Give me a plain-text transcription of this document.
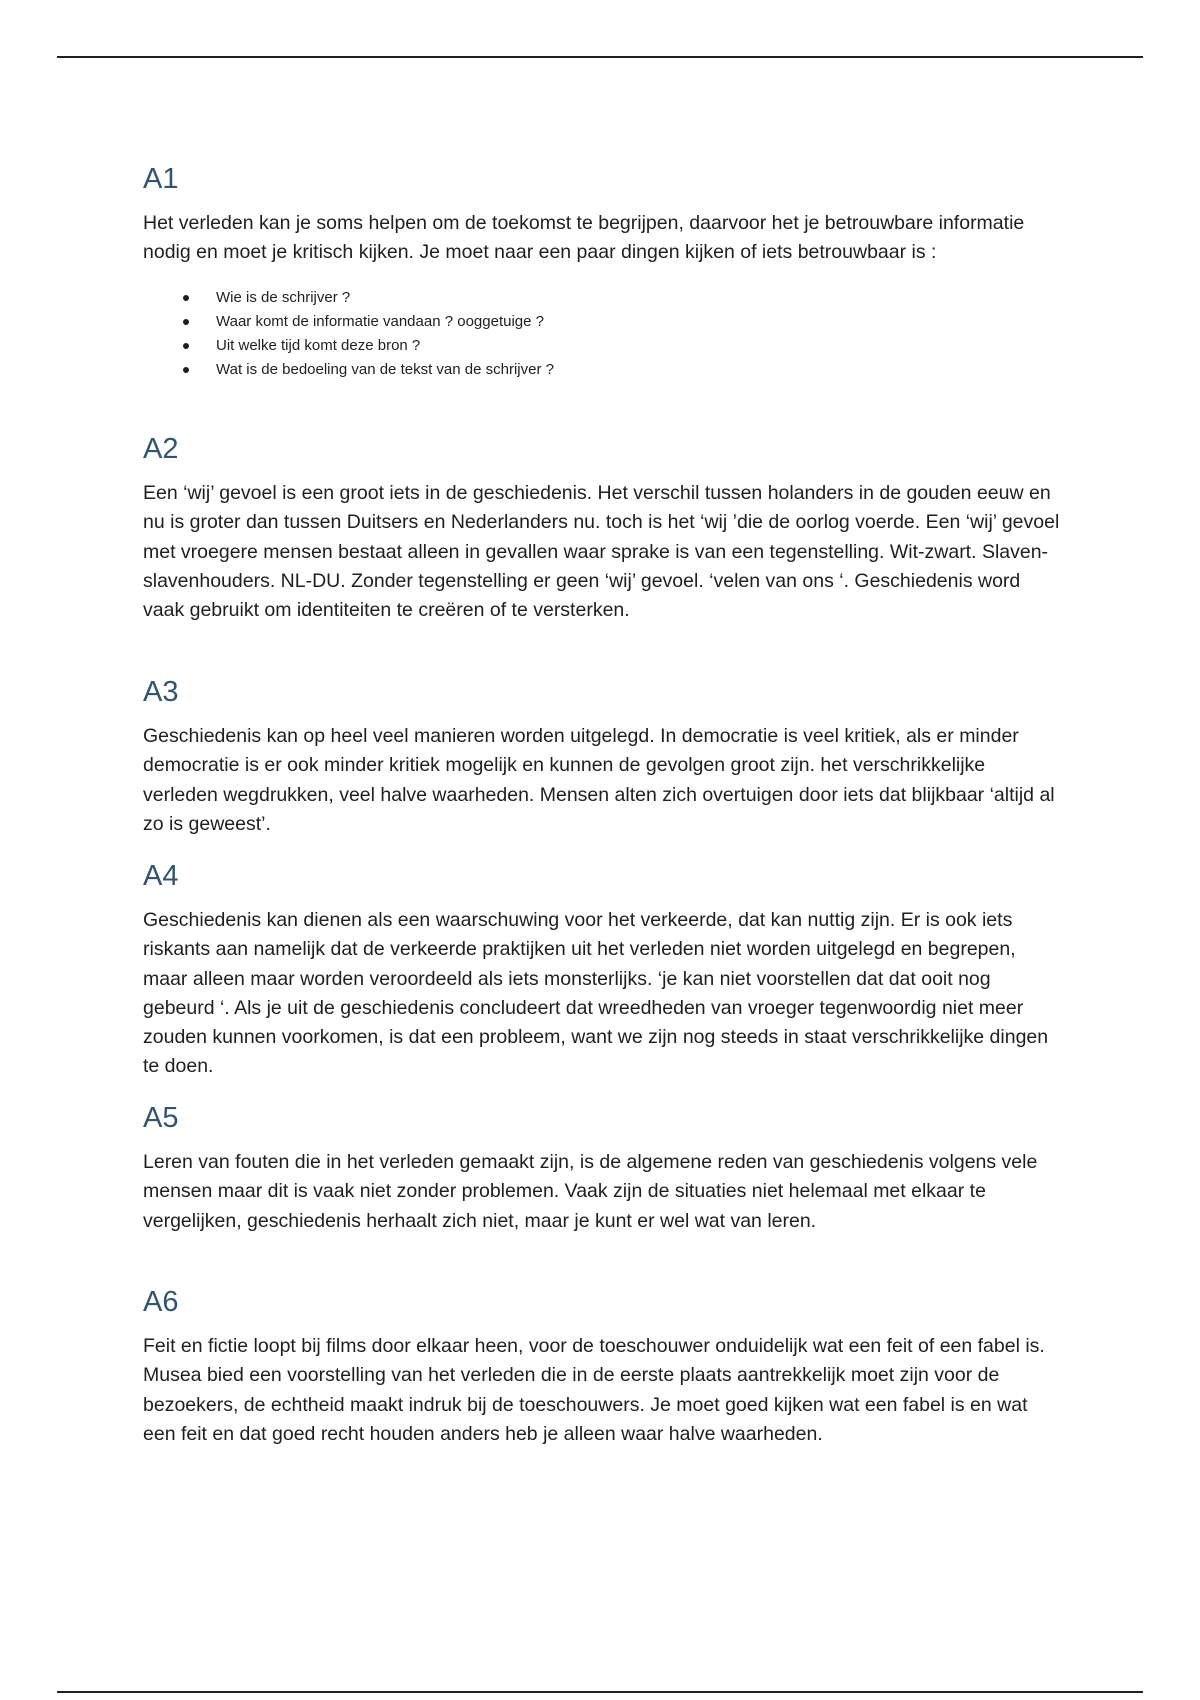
A1

Het verleden kan je soms helpen om de toekomst te begrijpen, daarvoor het je betrouwbare informatie nodig en moet je kritisch kijken. Je moet naar een paar dingen kijken of iets betrouwbaar is :

Wie is de schrijver ?
Waar komt de informatie vandaan ? ooggetuige ?
Uit welke tijd komt deze bron ?
Wat is de bedoeling van de tekst van de schrijver ?
A2

Een ‘wij’ gevoel is een groot iets in de geschiedenis. Het verschil tussen holanders in de gouden eeuw en nu is groter dan tussen Duitsers en Nederlanders nu. toch is het ‘wij ’die de oorlog voerde. Een ‘wij’ gevoel met vroegere mensen bestaat alleen in gevallen waar sprake is van een tegenstelling. Wit-zwart. Slaven-slavenhouders. NL-DU. Zonder tegenstelling er geen ‘wij’ gevoel. ‘velen van ons ‘. Geschiedenis word vaak gebruikt om identiteiten te creëren of te versterken.

A3

Geschiedenis kan op heel veel manieren worden uitgelegd. In democratie is veel kritiek, als er minder democratie is er ook minder kritiek mogelijk en kunnen de gevolgen groot zijn. het verschrikkelijke verleden wegdrukken, veel halve waarheden. Mensen alten zich overtuigen door iets dat blijkbaar ‘altijd al zo is geweest’.

A4

Geschiedenis kan dienen als een waarschuwing voor het verkeerde, dat kan nuttig zijn. Er is ook iets riskants aan namelijk dat de verkeerde praktijken uit het verleden niet worden uitgelegd en begrepen, maar alleen maar worden veroordeeld als iets monsterlijks. ‘je kan niet voorstellen dat dat ooit nog gebeurd ‘. Als je uit de geschiedenis concludeert dat wreedheden van vroeger tegenwoordig niet meer zouden kunnen voorkomen, is dat een probleem, want we zijn nog steeds in staat verschrikkelijke dingen te doen.

A5

Leren van fouten die in het verleden gemaakt zijn, is de algemene reden van geschiedenis volgens vele mensen maar dit is vaak niet zonder problemen. Vaak zijn de situaties niet helemaal met elkaar te vergelijken, geschiedenis herhaalt zich niet, maar je kunt er wel wat van leren.

A6

Feit en fictie loopt bij films door elkaar heen, voor de toeschouwer onduidelijk wat een feit of een fabel is. Musea bied een voorstelling van het verleden die in de eerste plaats aantrekkelijk moet zijn voor de bezoekers, de echtheid maakt indruk bij de toeschouwers. Je moet goed kijken wat een fabel is en wat een feit en dat goed recht houden anders heb je alleen waar halve waarheden.
